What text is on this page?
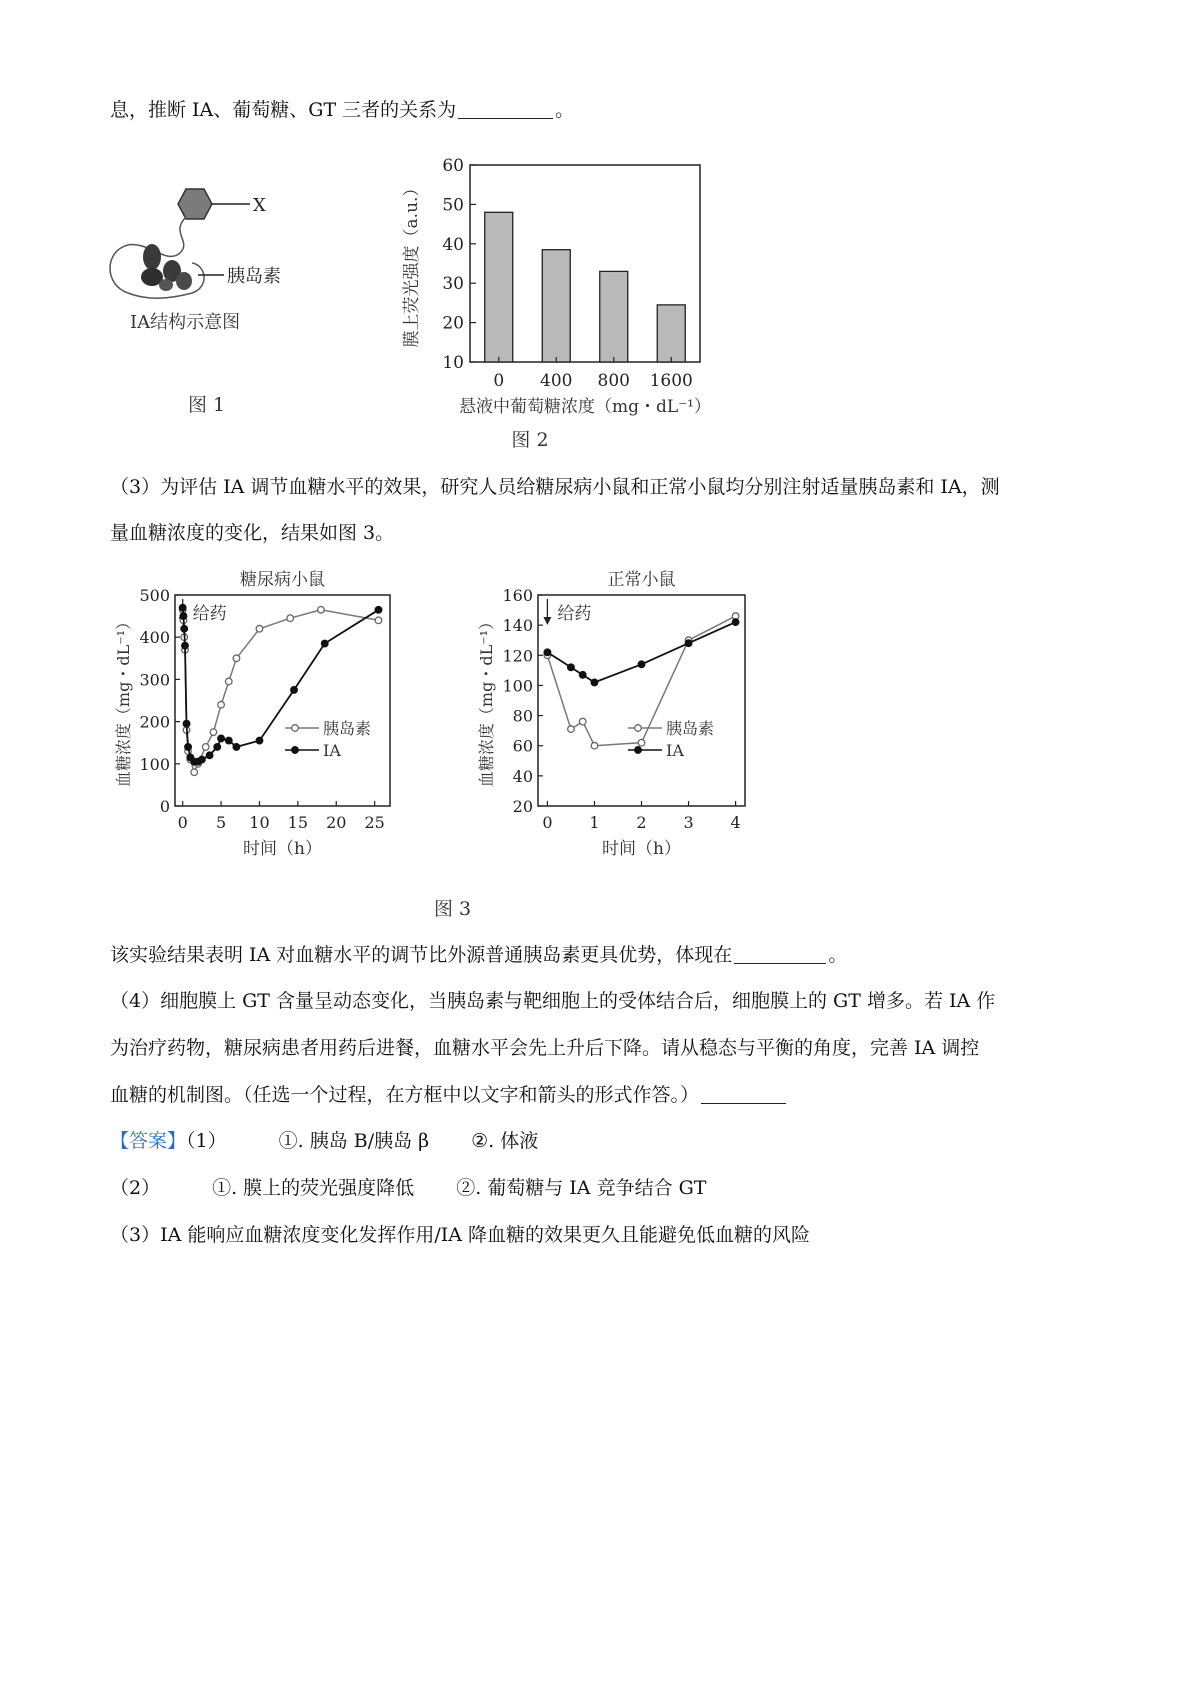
息，推断 IA、葡萄糖、GT 三者的关系为	。
X
胰岛素
IA结构示意图
图 1
10
20
30
40
50
60
0 400 800 1600
膜上荧光强度（a.u.）
悬液中葡萄糖浓度（mg・dL⁻¹）
图 2
（3）为评估 IA 调节血糖水平的效果，研究人员给糖尿病小鼠和正常小鼠均分别注射适量胰岛素和 IA，测
量血糖浓度的变化，结果如图 3。
糖尿病小鼠
0
100
200
300
400
500
0 5 10 15 20 25
血糖浓度（mg・dL⁻¹）
时间（h）
给药
胰岛素
IA
正常小鼠
20
40
60
80
100
120
140
160
0 1 2 3 4
血糖浓度（mg・dL⁻¹）
时间（h）
给药
胰岛素
IA
图 3
该实验结果表明 IA 对血糖水平的调节比外源普通胰岛素更具优势，体现在	。
（4）细胞膜上 GT 含量呈动态变化，当胰岛素与靶细胞上的受体结合后，细胞膜上的 GT 增多。若 IA 作
为治疗药物，糖尿病患者用药后进餐，血糖水平会先上升后下降。请从稳态与平衡的角度，完善 IA 调控
血糖的机制图。（任选一个过程，在方框中以文字和箭头的形式作答。）
【答案】（1）	①. 胰岛 B/胰岛 β ②. 体液
（2）	①. 膜上的荧光强度降低 ②. 葡萄糖与 IA 竞争结合 GT
（3）IA 能响应血糖浓度变化发挥作用/IA 降血糖的效果更久且能避免低血糖的风险
